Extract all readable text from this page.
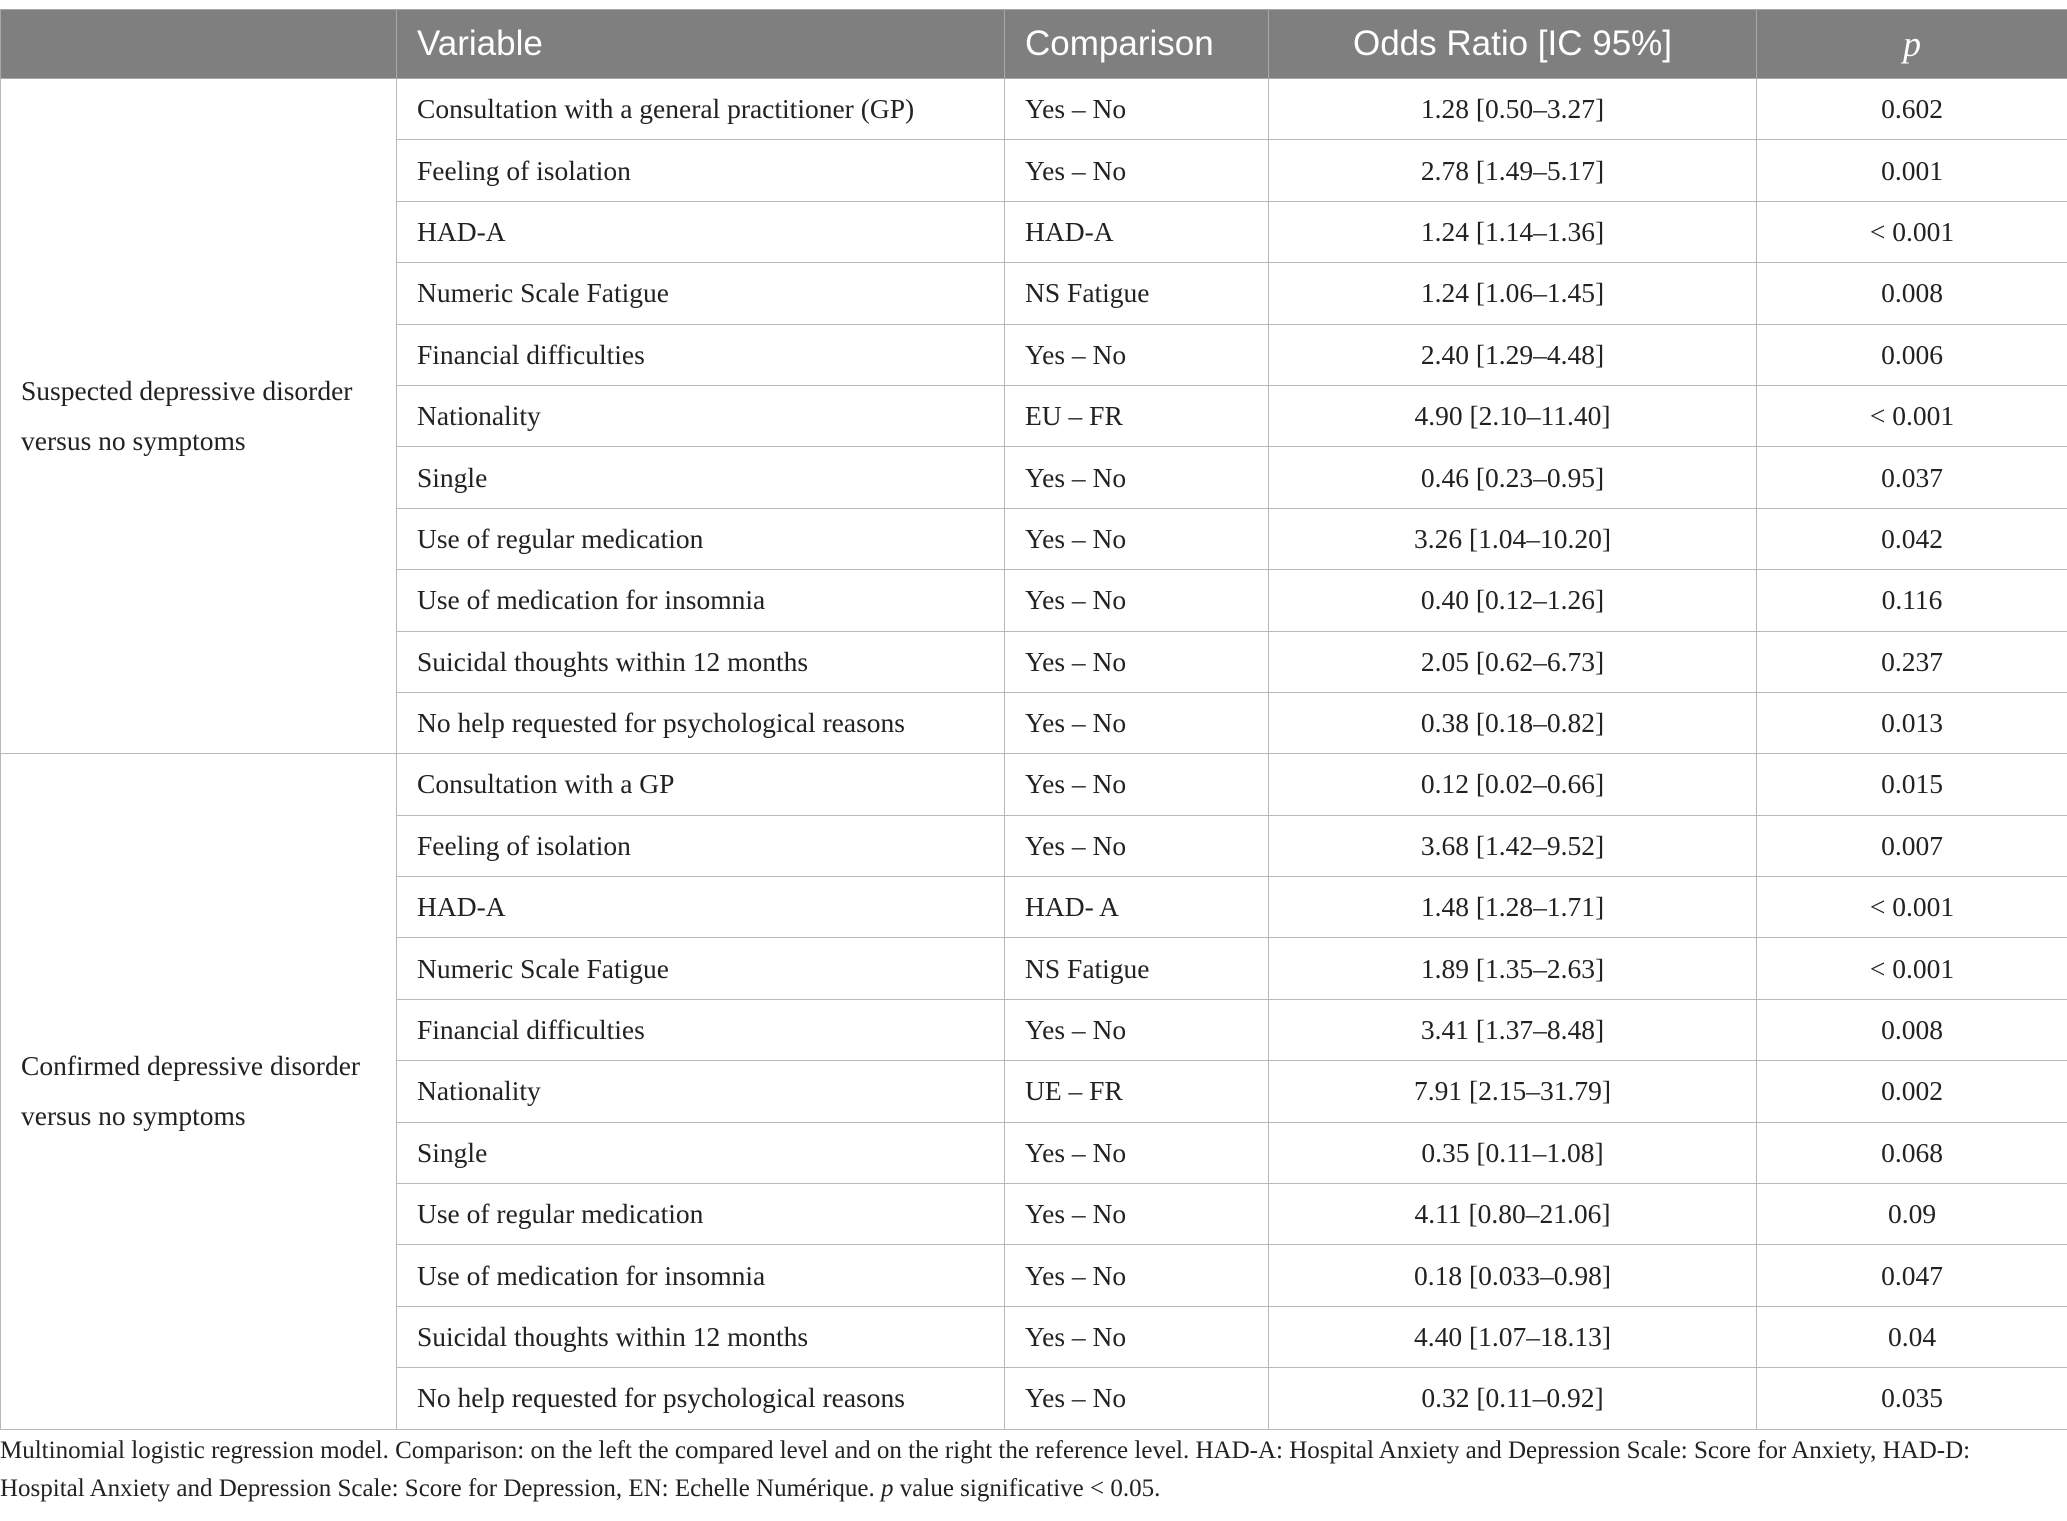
	Variable	Comparison	Odds Ratio [IC 95%]	p
Suspected depressive disorder versus no symptoms	Consultation with a general practitioner (GP)	Yes – No	1.28 [0.50–3.27]	0.602
	Feeling of isolation	Yes – No	2.78 [1.49–5.17]	0.001
	HAD-A	HAD-A	1.24 [1.14–1.36]	< 0.001
	Numeric Scale Fatigue	NS Fatigue	1.24 [1.06–1.45]	0.008
	Financial difficulties	Yes – No	2.40 [1.29–4.48]	0.006
	Nationality	EU – FR	4.90 [2.10–11.40]	< 0.001
	Single	Yes – No	0.46 [0.23–0.95]	0.037
	Use of regular medication	Yes – No	3.26 [1.04–10.20]	0.042
	Use of medication for insomnia	Yes – No	0.40 [0.12–1.26]	0.116
	Suicidal thoughts within 12 months	Yes – No	2.05 [0.62–6.73]	0.237
	No help requested for psychological reasons	Yes – No	0.38 [0.18–0.82]	0.013
Confirmed depressive disorder versus no symptoms	Consultation with a GP	Yes – No	0.12 [0.02–0.66]	0.015
	Feeling of isolation	Yes – No	3.68 [1.42–9.52]	0.007
	HAD-A	HAD- A	1.48 [1.28–1.71]	< 0.001
	Numeric Scale Fatigue	NS Fatigue	1.89 [1.35–2.63]	< 0.001
	Financial difficulties	Yes – No	3.41 [1.37–8.48]	0.008
	Nationality	UE – FR	7.91 [2.15–31.79]	0.002
	Single	Yes – No	0.35 [0.11–1.08]	0.068
	Use of regular medication	Yes – No	4.11 [0.80–21.06]	0.09
	Use of medication for insomnia	Yes – No	0.18 [0.033–0.98]	0.047
	Suicidal thoughts within 12 months	Yes – No	4.40 [1.07–18.13]	0.04
	No help requested for psychological reasons	Yes – No	0.32 [0.11–0.92]	0.035
Multinomial logistic regression model. Comparison: on the left the compared level and on the right the reference level. HAD-A: Hospital Anxiety and Depression Scale: Score for Anxiety, HAD-D: Hospital Anxiety and Depression Scale: Score for Depression, EN: Echelle Numérique. p value significative < 0.05.
